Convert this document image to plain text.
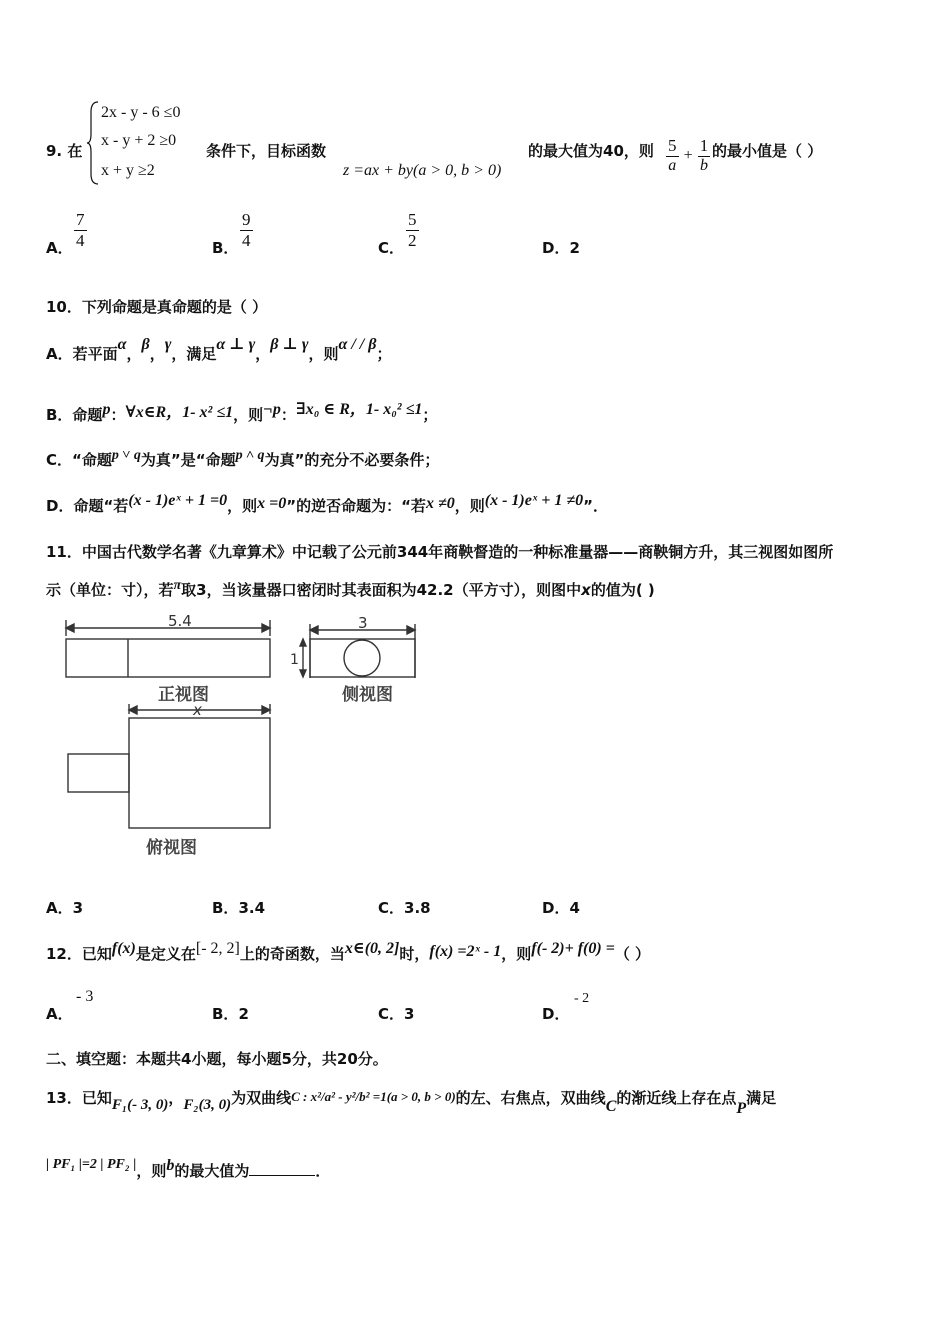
9. 在
2x - y - 6 ≤0
x - y + 2 ≥0
x + y ≥2
条件下，目标函数
z =ax + by(a > 0, b > 0)
的最大值为40，则 $\frac{5}{a} + \frac{1}{b}$ 的最小值是（ ）
A． $\frac{7}{4}$	B． $\frac{9}{4}$	C． $\frac{5}{2}$	D．2
10．下列命题是真命题的是（ ）
A．若平面α，β，γ，满足α ⊥ γ，β ⊥ γ，则α / / β；
B．命题p：∀x∈R，1- x² ≤1，则¬p：∃x₀ ∈ R，1- x₀² ≤1；
C．“命题p ˅ q为真”是“命题p ˄ q为真”的充分不必要条件；
D．命题“若(x - 1)eˣ + 1 =0，则x =0”的逆否命题为：“若x ≠0，则(x - 1)eˣ + 1 ≠0”．
11．中国古代数学名著《九章算术》中记载了公元前344年商鞅督造的一种标准量器——商鞅铜方升，其三视图如图所
示（单位：寸），若π取3，当该量器口密闭时其表面积为42.2（平方寸），则图中x的值为( )
5.4
正视图
3
1
侧视图
x
俯视图
A．3	B．3.4	C．3.8	D．4
12．已知f(x)是定义在[- 2, 2]上的奇函数，当x∈(0, 2]时，f(x) =2ˣ - 1，则f(- 2)+ f(0) =（ ）
A．
- 3
B．2	C．3	D．
- 2
二、填空题：本题共4小题，每小题5分，共20分。
13．已知F₁(- 3, 0)，F₂(3, 0)为双曲线C : x²/a² - y²/b² =1(a > 0, b > 0)的左、右焦点，双曲线C的渐近线上存在点P满足
| PF₁ |=2 | PF₂ |，则b的最大值为	．
